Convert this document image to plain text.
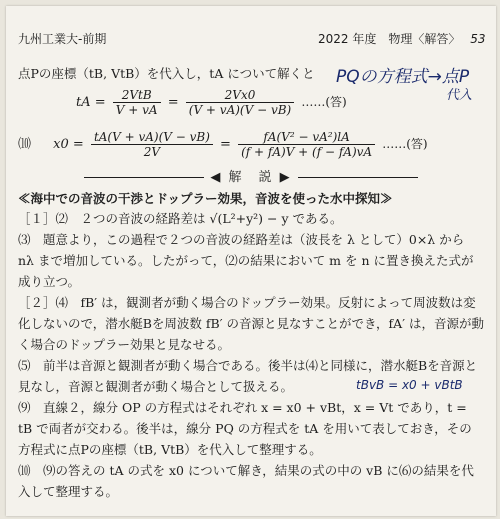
九州工業大-前期	2022 年度　物理〈解答〉 53
点Pの座標（tB, VtB）を代入し，tA について解くと PQの方程式→点P
代入
tA = $\frac{\text{2VtB}}{V + vA} = \frac{2Vx0}{(V + vA)(V - vB)}$ ……(答)
⑽ $x0 = \frac{tA(V + vA)(V - vB)}{2V} = \frac{\text{fA(V² − vA²)lA}}{(f + fA)V + (f - fA)vA}$ ……(答)
◀ 解　説 ▶
≪海中での音波の干渉とドップラー効果，音波を使った水中探知≫
［１］⑵　２つの音波の経路差は √(L²+y²) − y である。
⑶　題意より，この過程で２つの音波の経路差は（波長を λ として）0×λ から nλ まで増加している。したがって，⑵の結果において m を n に置き換えた式が成り立つ。
［２］⑷　fB′ は，観測者が動く場合のドップラー効果。反射によって周波数は変化しないので，潜水艇Bを周波数 fB′ の音源と見なすことができ，fA′ は，音源が動く場合のドップラー効果と見なせる。
⑸　前半は音源と観測者が動く場合である。後半は⑷と同様に，潜水艇Bを音源と見なし，音源と観測者が動く場合として扱える。	tBvB = x0 + vBtB
⑼　直線２，線分 OP の方程式はそれぞれ x = x0 + vBt，x = Vt であり，t = tB で両者が交わる。後半は，線分 PQ の方程式を tA を用いて表しておき，その方程式に点Pの座標（tB, VtB）を代入して整理する。
⑽　⑼の答えの tA の式を x0 について解き，結果の式の中の vB に⑹の結果を代入して整理する。
